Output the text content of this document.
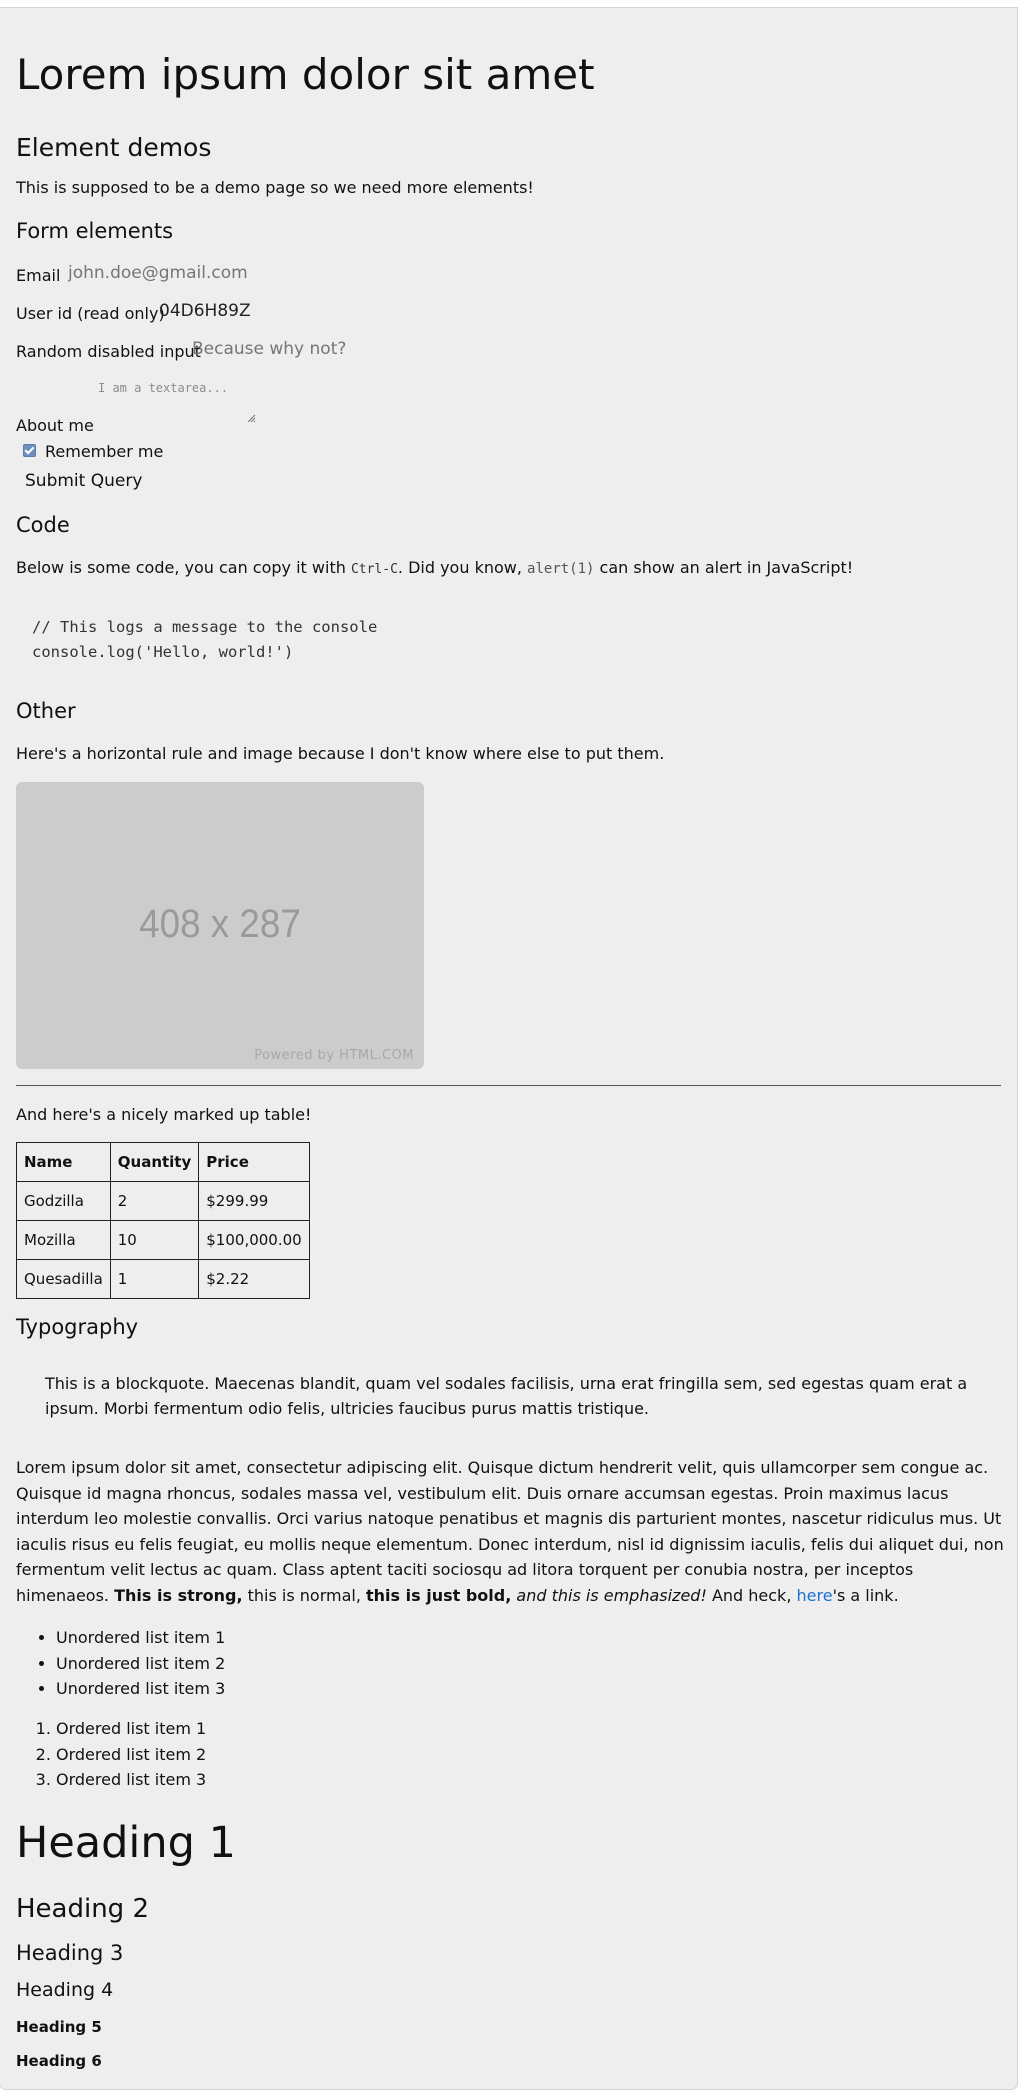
Lorem ipsum dolor sit amet
Element demos

This is supposed to be a demo page so we need more elements!

Form elements
Email
john.doe@gmail.com
User id (read only)
04D6H89Z
Random disabled input
Because why not?
I am a textarea...
About me
Remember me
Submit Query
Code

Below is some code, you can copy it with Ctrl-C. Did you know, alert(1) can show an alert in JavaScript!

// This logs a message to the console
console.log('Hello, world!')
Other

Here's a horizontal rule and image because I don't know where else to put them.

408 x 287
Powered by HTML.COM

And here's a nicely marked up table!

Name	Quantity	Price
Godzilla	2	$299.99
Mozilla	10	$100,000.00
Quesadilla	1	$2.22
Typography
This is a blockquote. Maecenas blandit, quam vel sodales facilisis, urna erat fringilla sem, sed egestas quam erat a ipsum. Morbi fermentum odio felis, ultricies faucibus purus mattis tristique.

Lorem ipsum dolor sit amet, consectetur adipiscing elit. Quisque dictum hendrerit velit, quis ullamcorper sem congue ac. Quisque id magna rhoncus, sodales massa vel, vestibulum elit. Duis ornare accumsan egestas. Proin maximus lacus interdum leo molestie convallis. Orci varius natoque penatibus et magnis dis parturient montes, nascetur ridiculus mus. Ut iaculis risus eu felis feugiat, eu mollis neque elementum. Donec interdum, nisl id dignissim iaculis, felis dui aliquet dui, non fermentum velit lectus ac quam. Class aptent taciti sociosqu ad litora torquent per conubia nostra, per inceptos himenaeos. This is strong, this is normal, this is just bold, and this is emphasized! And heck, here's a link.

• Unordered list item 1
• Unordered list item 2
• Unordered list item 3
1. Ordered list item 1
2. Ordered list item 2
3. Ordered list item 3
Heading 1
Heading 2
Heading 3
Heading 4
Heading 5
Heading 6
